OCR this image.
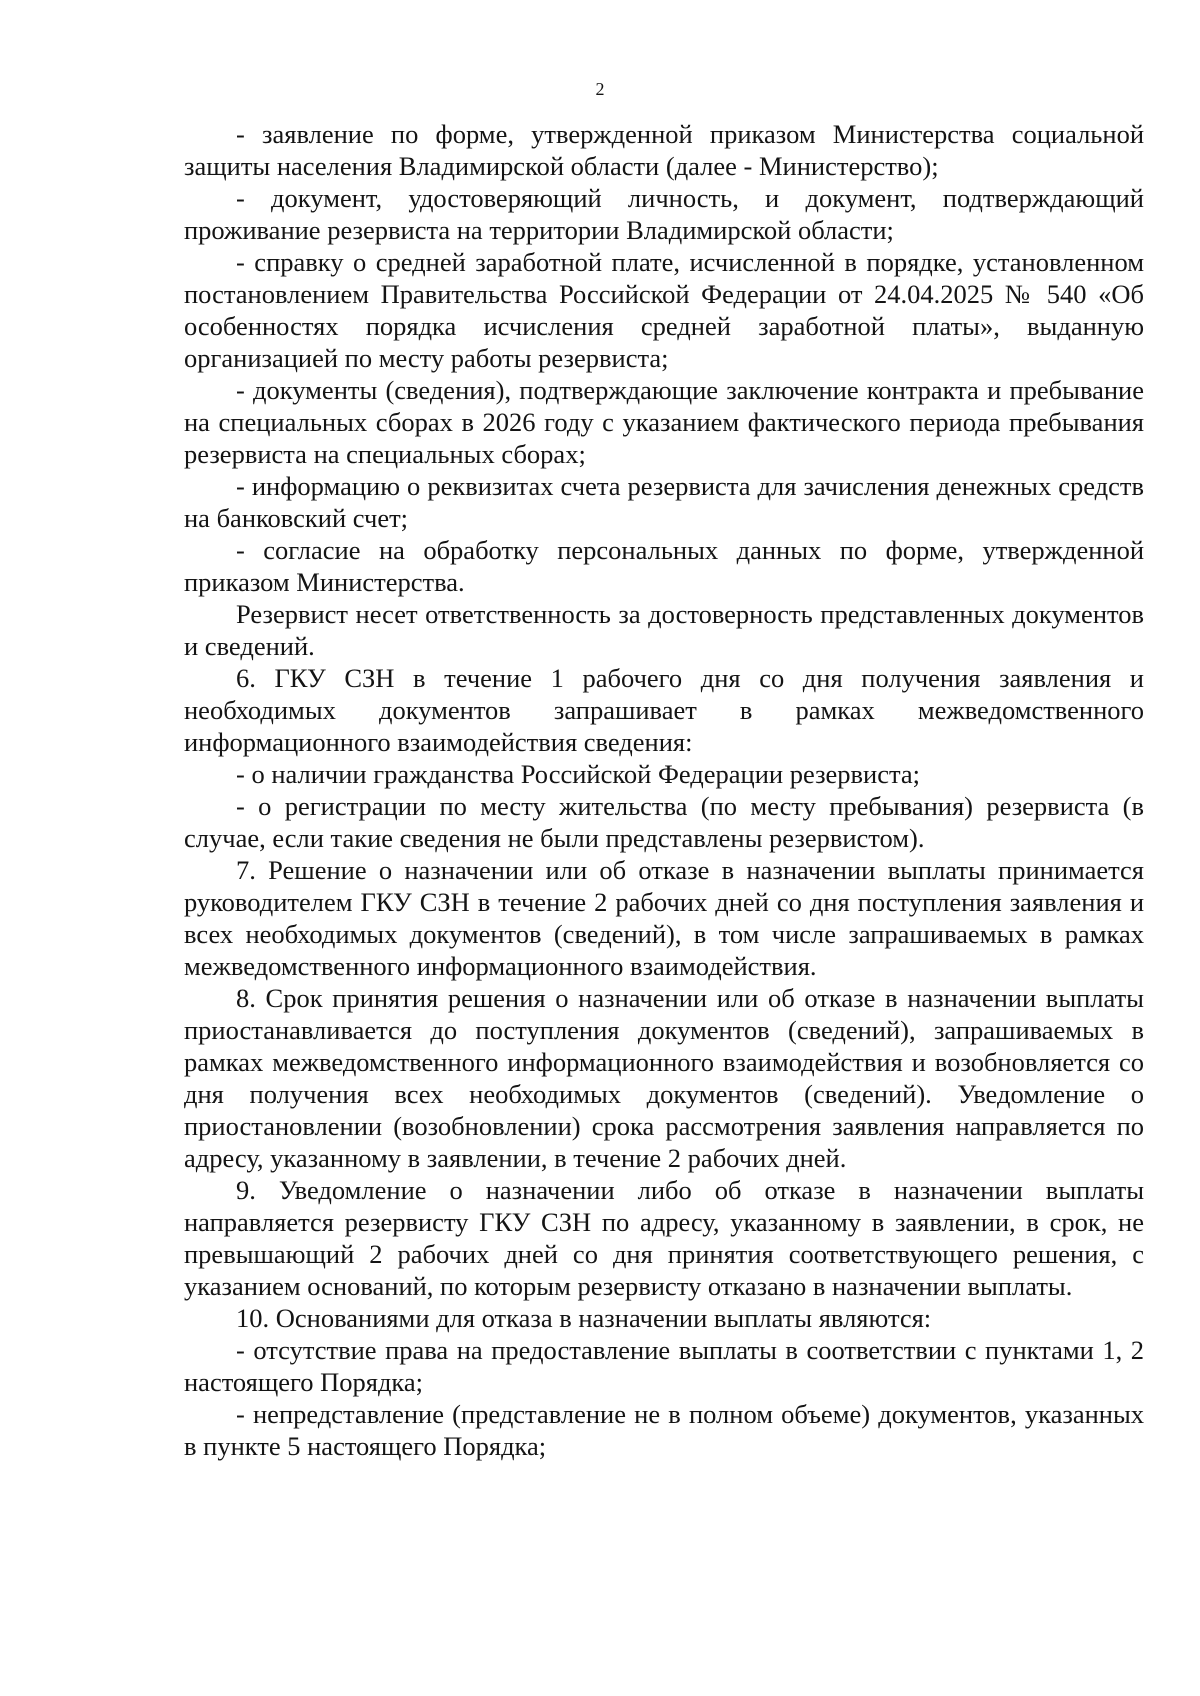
2

- заявление по форме, утвержденной приказом Министерства социальной защиты населения Владимирской области (далее - Министерство);

- документ, удостоверяющий личность, и документ, подтверждающий проживание резервиста на территории Владимирской области;

- справку о средней заработной плате, исчисленной в порядке, установленном постановлением Правительства Российской Федерации от 24.04.2025 № 540 «Об особенностях порядка исчисления средней заработной платы», выданную организацией по месту работы резервиста;

- документы (сведения), подтверждающие заключение контракта и пребывание на специальных сборах в 2026 году с указанием фактического периода пребывания резервиста на специальных сборах;

- информацию о реквизитах счета резервиста для зачисления денежных средств на банковский счет;

- согласие на обработку персональных данных по форме, утвержденной приказом Министерства.

Резервист несет ответственность за достоверность представленных документов и сведений.

6. ГКУ СЗН в течение 1 рабочего дня со дня получения заявления и необходимых документов запрашивает в рамках межведомственного информационного взаимодействия сведения:

- о наличии гражданства Российской Федерации резервиста;

- о регистрации по месту жительства (по месту пребывания) резервиста (в случае, если такие сведения не были представлены резервистом).

7. Решение о назначении или об отказе в назначении выплаты принимается руководителем ГКУ СЗН в течение 2 рабочих дней со дня поступления заявления и всех необходимых документов (сведений), в том числе запрашиваемых в рамках межведомственного информационного взаимодействия.

8. Срок принятия решения о назначении или об отказе в назначении выплаты приостанавливается до поступления документов (сведений), запрашиваемых в рамках межведомственного информационного взаимодействия и возобновляется со дня получения всех необходимых документов (сведений). Уведомление о приостановлении (возобновлении) срока рассмотрения заявления направляется по адресу, указанному в заявлении, в течение 2 рабочих дней.

9. Уведомление о назначении либо об отказе в назначении выплаты направляется резервисту ГКУ СЗН по адресу, указанному в заявлении, в срок, не превышающий 2 рабочих дней со дня принятия соответствующего решения, с указанием оснований, по которым резервисту отказано в назначении выплаты.

10. Основаниями для отказа в назначении выплаты являются:

- отсутствие права на предоставление выплаты в соответствии с пунктами 1, 2 настоящего Порядка;

- непредставление (представление не в полном объеме) документов, указанных в пункте 5 настоящего Порядка;
